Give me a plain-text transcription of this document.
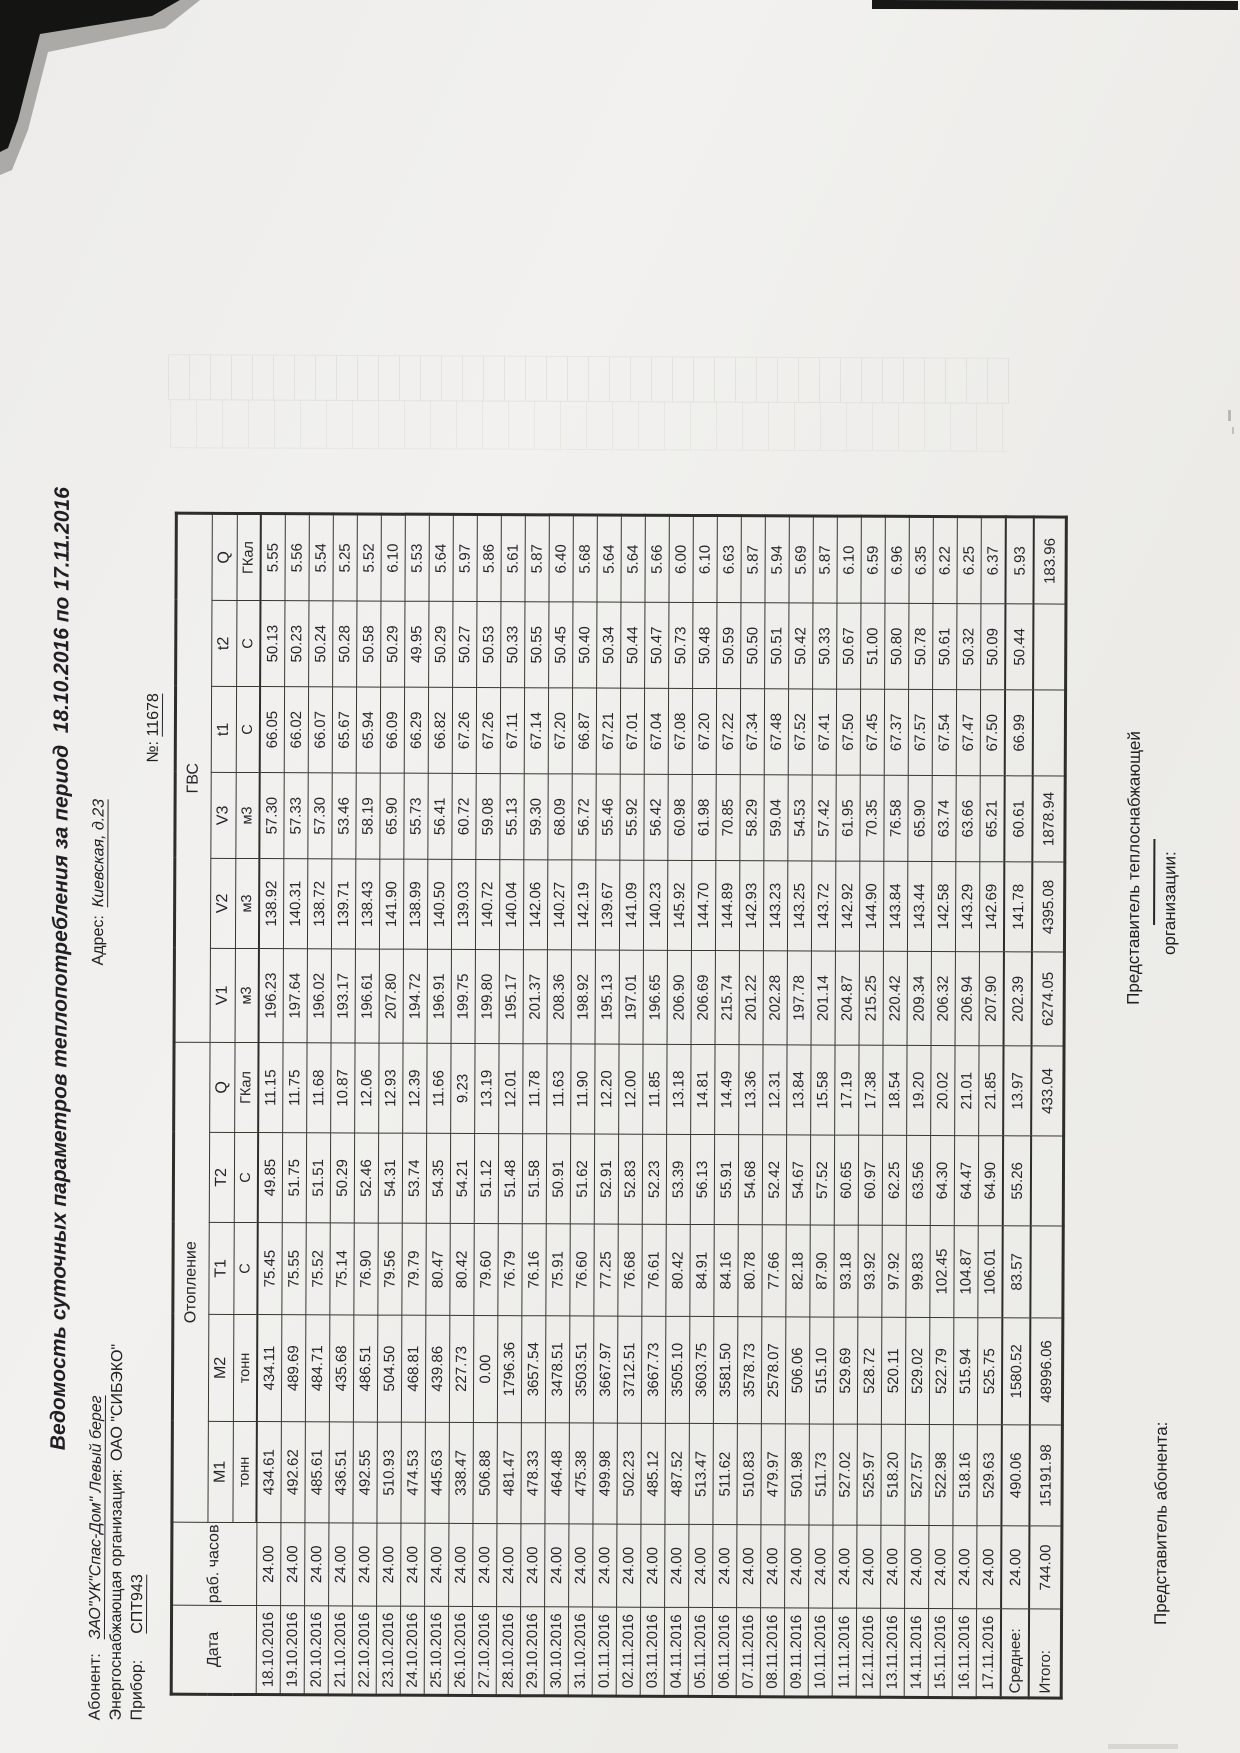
Ведомость суточных параметров теплопотребления за период  18.10.2016 по 17.11.2016
Абонент:ЗАО"УК"Спас-Дом" Левый берегАдрес:Киевская, д.23
Энергоснабжающая организация:ОАО "СИБЭКО"
Прибор:СПТ943
№: 11678
Дата	раб. часов	Отопление					ГВС					
		М1	М2	Т1	Т2	Q	V1	V2	V3	t1	t2	Q
		тонн	тонн	С	С	ГКал	м3	м3	м3	С	С	ГКал
18.10.2016	24.00	434.61	434.11	75.45	49.85	11.15	196.23	138.92	57.30	66.05	50.13	5.55
19.10.2016	24.00	492.62	489.69	75.55	51.75	11.75	197.64	140.31	57.33	66.02	50.23	5.56
20.10.2016	24.00	485.61	484.71	75.52	51.51	11.68	196.02	138.72	57.30	66.07	50.24	5.54
21.10.2016	24.00	436.51	435.68	75.14	50.29	10.87	193.17	139.71	53.46	65.67	50.28	5.25
22.10.2016	24.00	492.55	486.51	76.90	52.46	12.06	196.61	138.43	58.19	65.94	50.58	5.52
23.10.2016	24.00	510.93	504.50	79.56	54.31	12.93	207.80	141.90	65.90	66.09	50.29	6.10
24.10.2016	24.00	474.53	468.81	79.79	53.74	12.39	194.72	138.99	55.73	66.29	49.95	5.53
25.10.2016	24.00	445.63	439.86	80.47	54.35	11.66	196.91	140.50	56.41	66.82	50.29	5.64
26.10.2016	24.00	338.47	227.73	80.42	54.21	9.23	199.75	139.03	60.72	67.26	50.27	5.97
27.10.2016	24.00	506.88	0.00	79.60	51.12	13.19	199.80	140.72	59.08	67.26	50.53	5.86
28.10.2016	24.00	481.47	1796.36	76.79	51.48	12.01	195.17	140.04	55.13	67.11	50.33	5.61
29.10.2016	24.00	478.33	3657.54	76.16	51.58	11.78	201.37	142.06	59.30	67.14	50.55	5.87
30.10.2016	24.00	464.48	3478.51	75.91	50.91	11.63	208.36	140.27	68.09	67.20	50.45	6.40
31.10.2016	24.00	475.38	3503.51	76.60	51.62	11.90	198.92	142.19	56.72	66.87	50.40	5.68
01.11.2016	24.00	499.98	3667.97	77.25	52.91	12.20	195.13	139.67	55.46	67.21	50.34	5.64
02.11.2016	24.00	502.23	3712.51	76.68	52.83	12.00	197.01	141.09	55.92	67.01	50.44	5.64
03.11.2016	24.00	485.12	3667.73	76.61	52.23	11.85	196.65	140.23	56.42	67.04	50.47	5.66
04.11.2016	24.00	487.52	3505.10	80.42	53.39	13.18	206.90	145.92	60.98	67.08	50.73	6.00
05.11.2016	24.00	513.47	3603.75	84.91	56.13	14.81	206.69	144.70	61.98	67.20	50.48	6.10
06.11.2016	24.00	511.62	3581.50	84.16	55.91	14.49	215.74	144.89	70.85	67.22	50.59	6.63
07.11.2016	24.00	510.83	3578.73	80.78	54.68	13.36	201.22	142.93	58.29	67.34	50.50	5.87
08.11.2016	24.00	479.97	2578.07	77.66	52.42	12.31	202.28	143.23	59.04	67.48	50.51	5.94
09.11.2016	24.00	501.98	506.06	82.18	54.67	13.84	197.78	143.25	54.53	67.52	50.42	5.69
10.11.2016	24.00	511.73	515.10	87.90	57.52	15.58	201.14	143.72	57.42	67.41	50.33	5.87
11.11.2016	24.00	527.02	529.69	93.18	60.65	17.19	204.87	142.92	61.95	67.50	50.67	6.10
12.11.2016	24.00	525.97	528.72	93.92	60.97	17.38	215.25	144.90	70.35	67.45	51.00	6.59
13.11.2016	24.00	518.20	520.11	97.92	62.25	18.54	220.42	143.84	76.58	67.37	50.80	6.96
14.11.2016	24.00	527.57	529.02	99.83	63.56	19.20	209.34	143.44	65.90	67.57	50.78	6.35
15.11.2016	24.00	522.98	522.79	102.45	64.30	20.02	206.32	142.58	63.74	67.54	50.61	6.22
16.11.2016	24.00	518.16	515.94	104.87	64.47	21.01	206.94	143.29	63.66	67.47	50.32	6.25
17.11.2016	24.00	529.63	525.75	106.01	64.90	21.85	207.90	142.69	65.21	67.50	50.09	6.37
Среднее:	24.00	490.06	1580.52	83.57	55.26	13.97	202.39	141.78	60.61	66.99	50.44	5.93
Итого:	744.00	15191.98	48996.06			433.04	6274.05	4395.08	1878.94			183.96
Представитель абонента:
Представитель теплоснабжающей организации:
